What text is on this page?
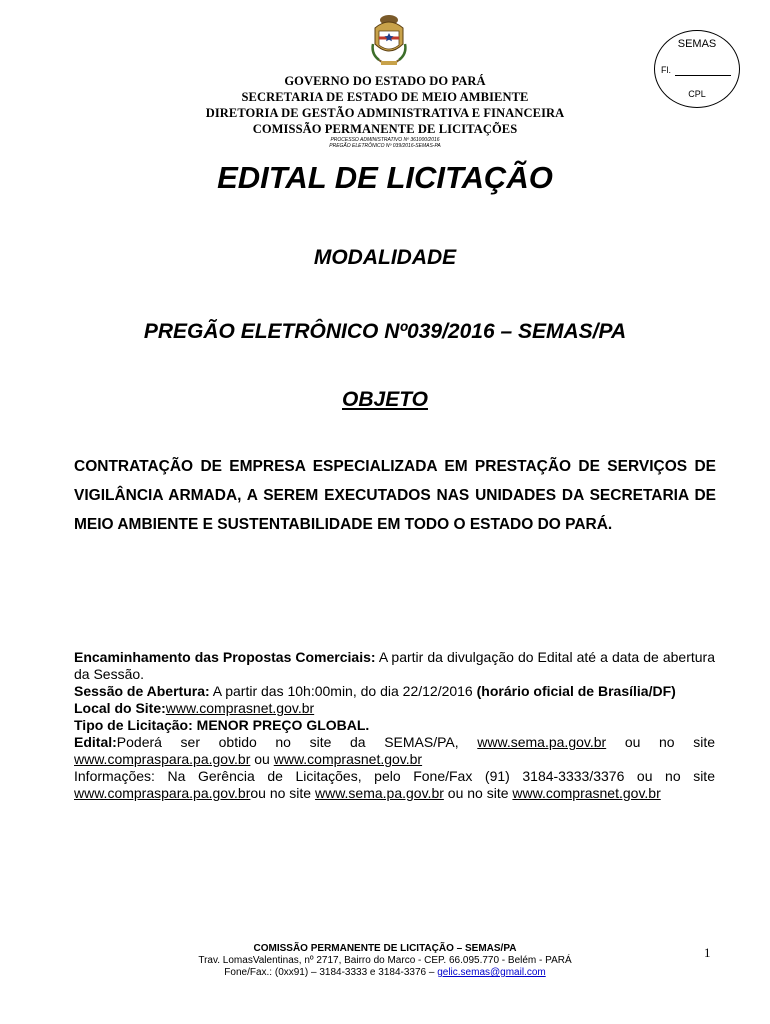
SEMAS
Fl.
CPL
GOVERNO DO ESTADO DO PARÁ
SECRETARIA DE ESTADO DE MEIO AMBIENTE
DIRETORIA DE GESTÃO ADMINISTRATIVA E FINANCEIRA
COMISSÃO PERMANENTE DE LICITAÇÕES
PROCESSO ADMINISTRATIVO Nº 361000/2016
PREGÃO ELETRÔNICO Nº 039/2016-SEMAS-PA
EDITAL DE LICITAÇÃO
MODALIDADE
PREGÃO ELETRÔNICO Nº039/2016 – SEMAS/PA
OBJETO
CONTRATAÇÃO DE EMPRESA ESPECIALIZADA EM PRESTAÇÃO DE SERVIÇOS DE VIGILÂNCIA ARMADA, A SEREM EXECUTADOS NAS UNIDADES DA SECRETARIA DE MEIO AMBIENTE E SUSTENTABILIDADE EM TODO O ESTADO DO PARÁ.

Encaminhamento das Propostas Comerciais: A partir da divulgação do Edital até a data de abertura da Sessão.

Sessão de Abertura: A partir das 10h:00min, do dia 22/12/2016 (horário oficial de Brasília/DF)

Local do Site:www.comprasnet.gov.br

Tipo de Licitação: MENOR PREÇO GLOBAL.

Edital:Poderá ser obtido no site da SEMAS/PA, www.sema.pa.gov.br ou no site www.compraspara.pa.gov.br ou www.comprasnet.gov.br

Informações: Na Gerência de Licitações, pelo Fone/Fax (91) 3184-3333/3376 ou no site www.compraspara.pa.gov.brou no site www.sema.pa.gov.br ou no site www.comprasnet.gov.br

COMISSÃO PERMANENTE DE LICITAÇÃO – SEMAS/PA
Trav. LomasValentinas, nº 2717, Bairro do Marco - CEP. 66.095.770 - Belém - PARÁ
Fone/Fax.: (0xx91) – 3184-3333 e 3184-3376 – gelic.semas@gmail.com
1
